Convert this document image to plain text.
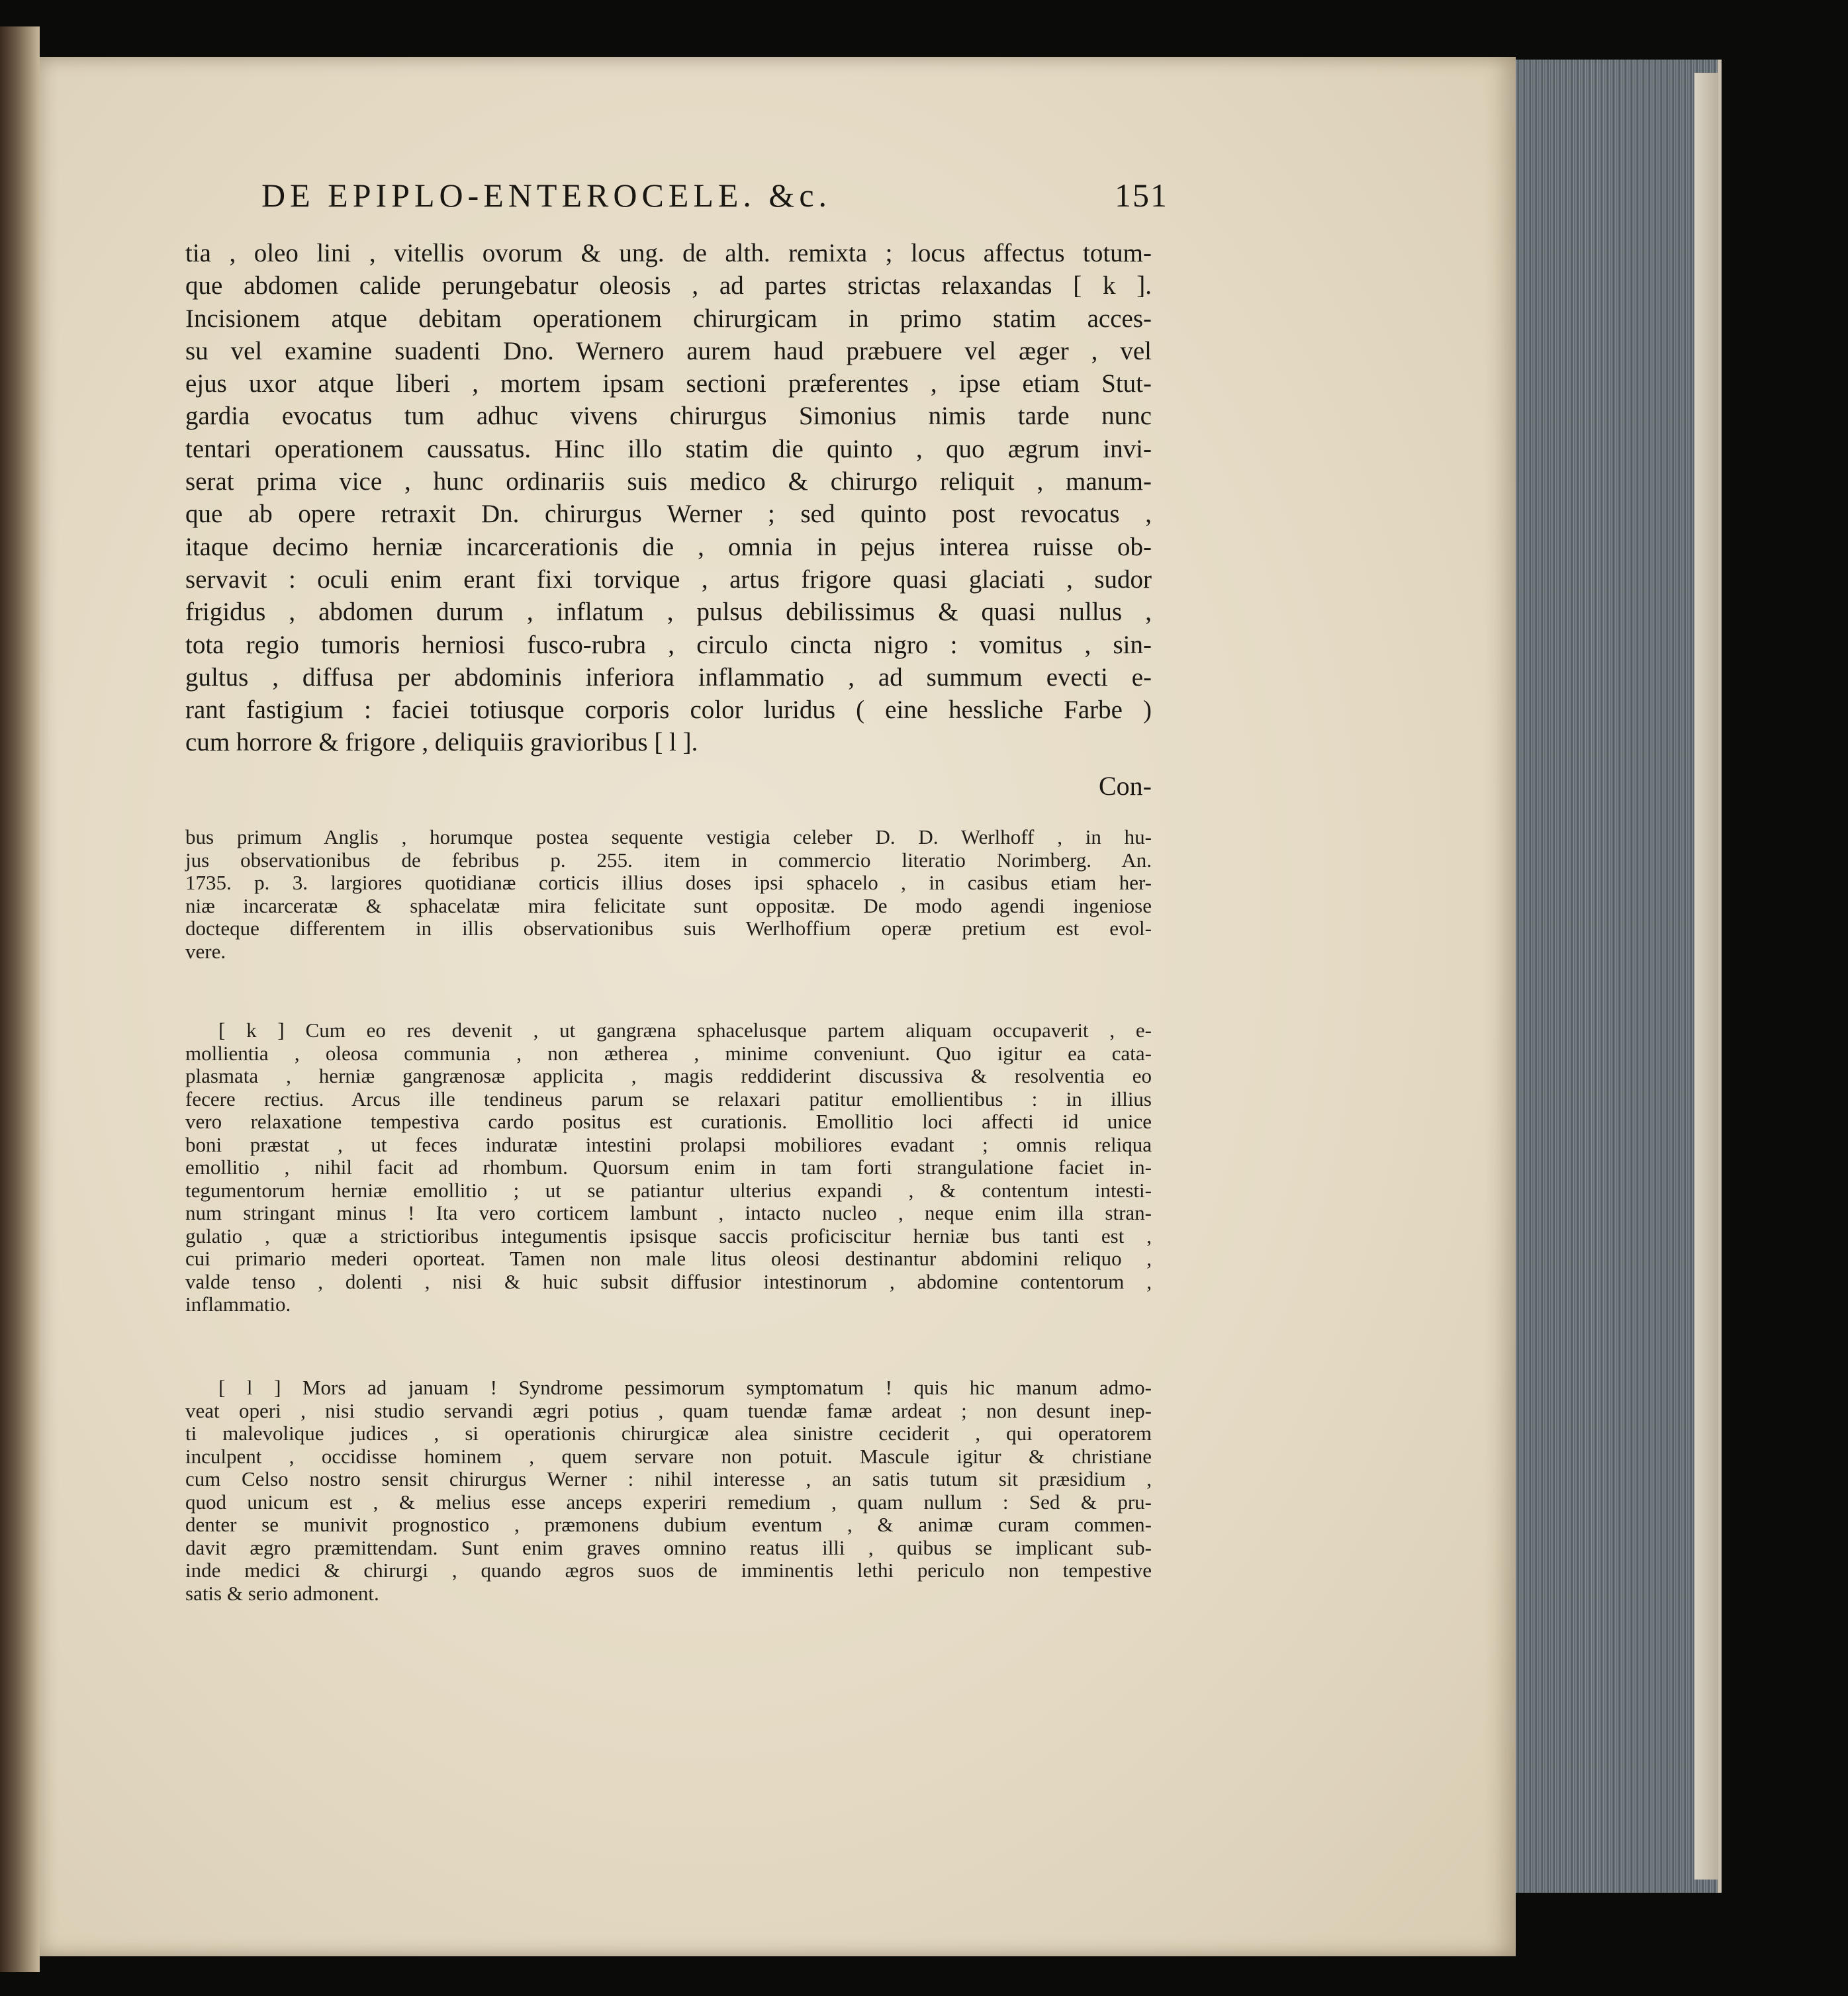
DE EPIPLO-ENTEROCELE. &c.	151
tia , oleo lini , vitellis ovorum & ung. de alth. remixta ; locus affectus totum-
que abdomen calide perungebatur oleosis , ad partes strictas relaxandas [ k ].
Incisionem atque debitam operationem chirurgicam in primo statim acces-
su vel examine suadenti Dno. Wernero aurem haud præbuere vel æger , vel
ejus uxor atque liberi , mortem ipsam sectioni præferentes , ipse etiam Stut-
gardia evocatus tum adhuc vivens chirurgus Simonius nimis tarde nunc
tentari operationem caussatus. Hinc illo statim die quinto , quo ægrum invi-
serat prima vice , hunc ordinariis suis medico & chirurgo reliquit , manum-
que ab opere retraxit Dn. chirurgus Werner ; sed quinto post revocatus ,
itaque decimo herniæ incarcerationis die , omnia in pejus interea ruisse ob-
servavit : oculi enim erant fixi torvique , artus frigore quasi glaciati , sudor
frigidus , abdomen durum , inflatum , pulsus debilissimus & quasi nullus ,
tota regio tumoris herniosi fusco-rubra , circulo cincta nigro : vomitus , sin-
gultus , diffusa per abdominis inferiora inflammatio , ad summum evecti e-
rant fastigium : faciei totiusque corporis color luridus ( eine hessliche Farbe )
cum horrore & frigore , deliquiis gravioribus [ l ].
Con-
bus primum Anglis , horumque postea sequente vestigia celeber D. D. Werlhoff , in hu-
jus observationibus de febribus p. 255. item in commercio literatio Norimberg. An.
1735. p. 3. largiores quotidianæ corticis illius doses ipsi sphacelo , in casibus etiam her-
niæ incarceratæ & sphacelatæ mira felicitate sunt oppositæ. De modo agendi ingeniose
docteque differentem in illis observationibus suis Werlhoffium operæ pretium est evol-
vere.
[ k ] Cum eo res devenit , ut gangræna sphacelusque partem aliquam occupaverit , e-
mollientia , oleosa communia , non ætherea , minime conveniunt. Quo igitur ea cata-
plasmata , herniæ gangrænosæ applicita , magis reddiderint discussiva & resolventia eo
fecere rectius. Arcus ille tendineus parum se relaxari patitur emollientibus : in illius
vero relaxatione tempestiva cardo positus est curationis. Emollitio loci affecti id unice
boni præstat , ut feces induratæ intestini prolapsi mobiliores evadant ; omnis reliqua
emollitio , nihil facit ad rhombum. Quorsum enim in tam forti strangulatione faciet in-
tegumentorum herniæ emollitio ; ut se patiantur ulterius expandi , & contentum intesti-
num stringant minus ! Ita vero corticem lambunt , intacto nucleo , neque enim illa stran-
gulatio , quæ a strictioribus integumentis ipsisque saccis proficiscitur herniæ bus tanti est ,
cui primario mederi oporteat. Tamen non male litus oleosi destinantur abdomini reliquo ,
valde tenso , dolenti , nisi & huic subsit diffusior intestinorum , abdomine contentorum ,
inflammatio.
[ l ] Mors ad januam ! Syndrome pessimorum symptomatum ! quis hic manum admo-
veat operi , nisi studio servandi ægri potius , quam tuendæ famæ ardeat ; non desunt inep-
ti malevolique judices , si operationis chirurgicæ alea sinistre ceciderit , qui operatorem
inculpent , occidisse hominem , quem servare non potuit. Mascule igitur & christiane
cum Celso nostro sensit chirurgus Werner : nihil interesse , an satis tutum sit præsidium ,
quod unicum est , & melius esse anceps experiri remedium , quam nullum : Sed & pru-
denter se munivit prognostico , præmonens dubium eventum , & animæ curam commen-
davit ægro præmittendam. Sunt enim graves omnino reatus illi , quibus se implicant sub-
inde medici & chirurgi , quando ægros suos de imminentis lethi periculo non tempestive
satis & serio admonent.
